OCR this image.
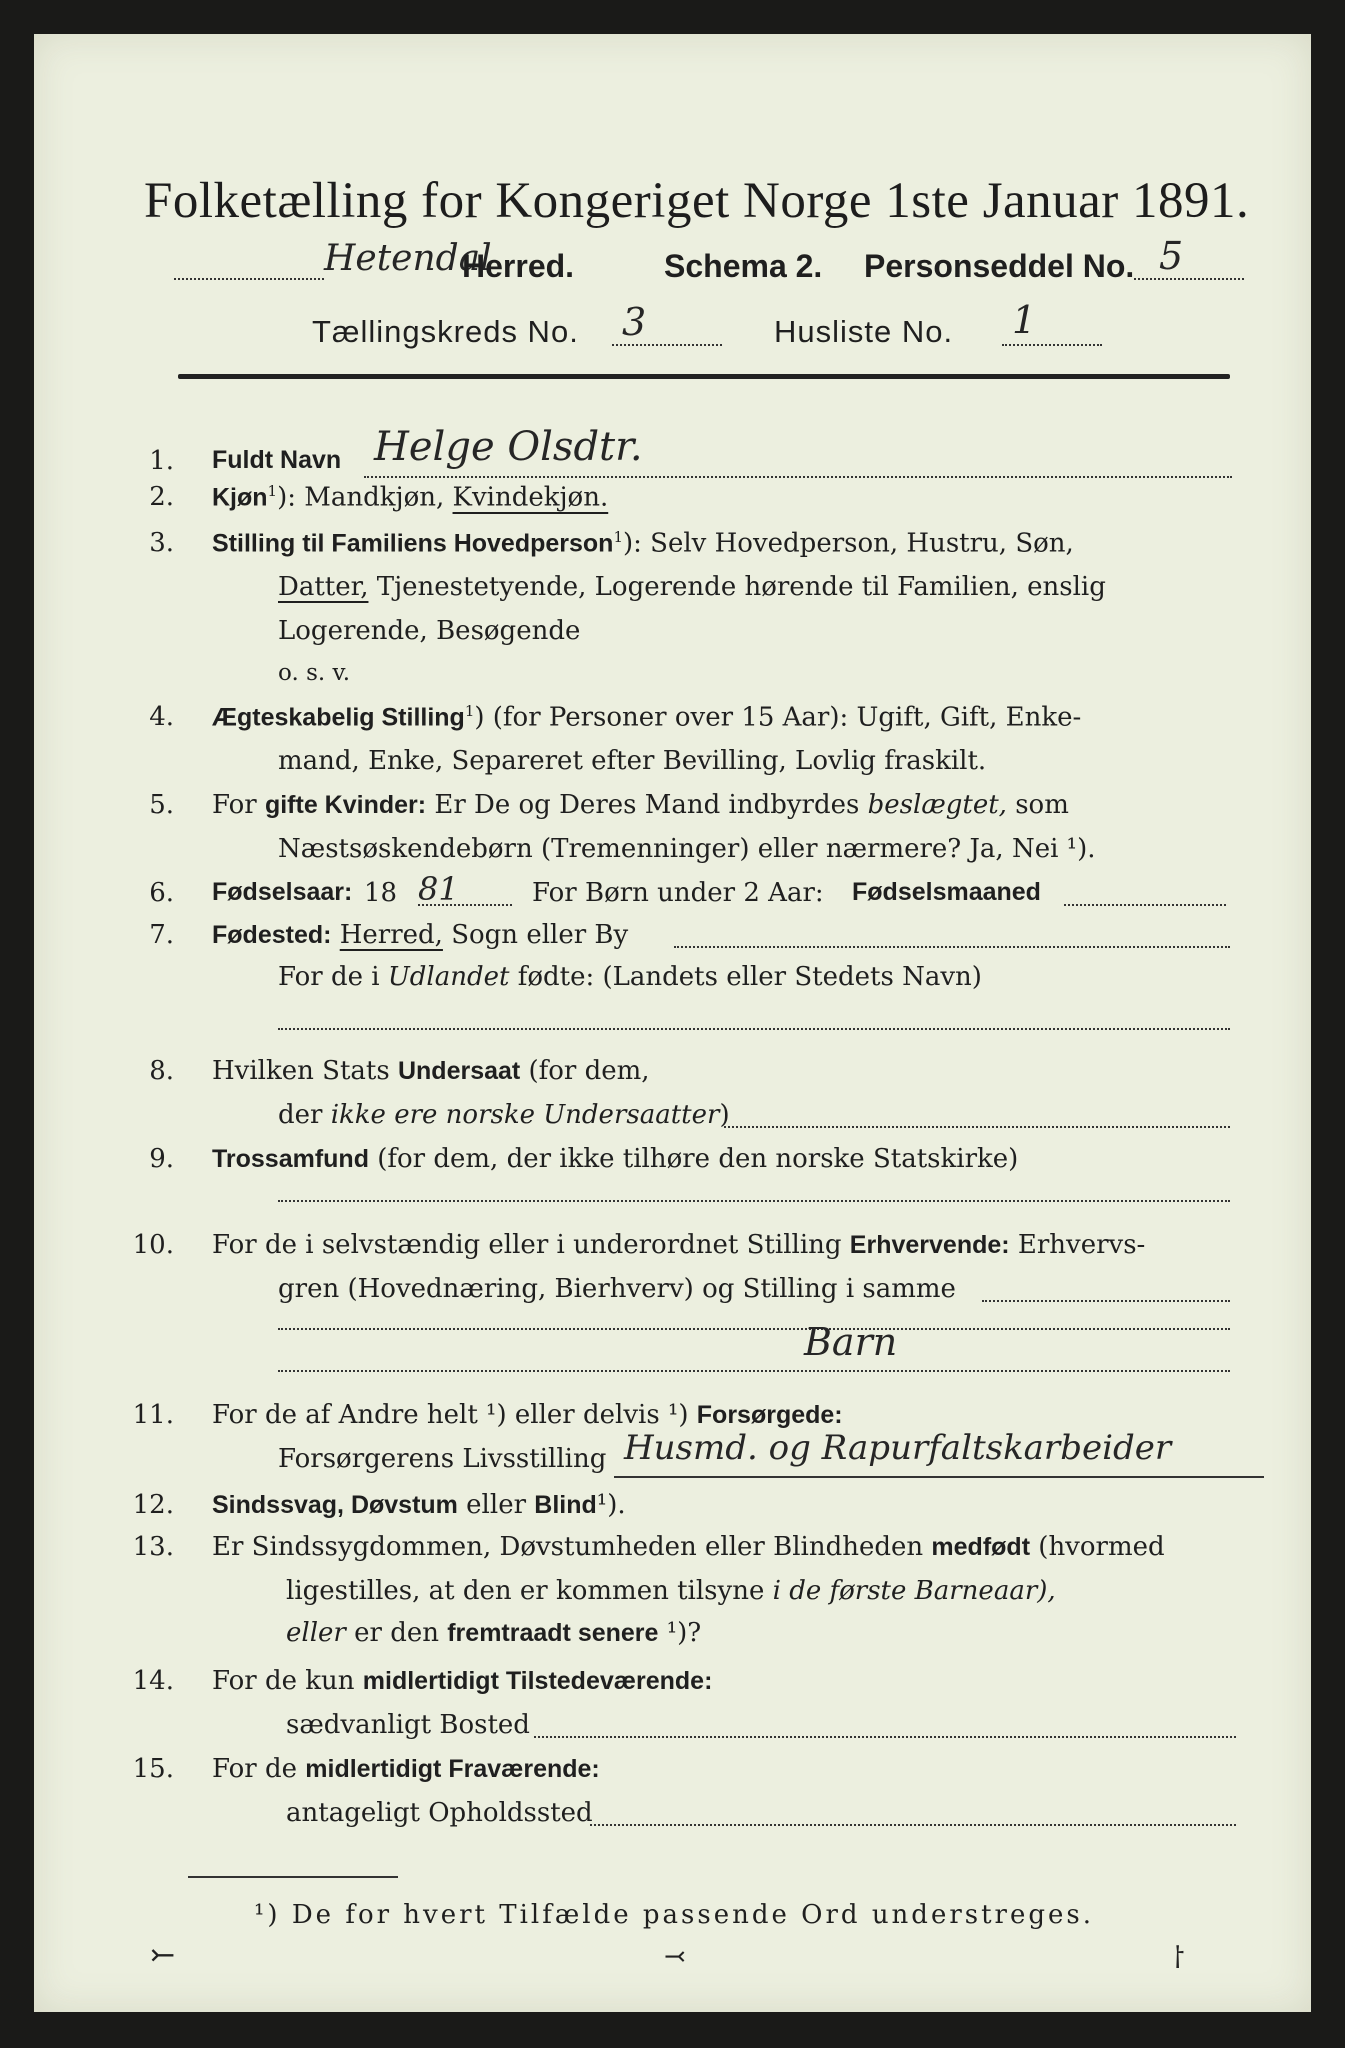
Folketælling for Kongeriget Norge 1ste Januar 1891.
Hetendal
Herred.	Schema 2. Personseddel No. 5
Tællingskreds No. 3	Husliste No. 1
1. Fuldt Navn Helge Olsdtr.
2. Kjøn$^1$): Mandkjøn, Kvindekjøn.
3. Stilling til Familiens Hovedperson$^1$): Selv Hovedperson, Hustru, Søn,
Datter, Tjenestetyende, Logerende hørende til Familien, enslig
Logerende, Besøgende
o. s. v.
4. Ægteskabelig Stilling$^1$) (for Personer over 15 Aar): Ugift, Gift, Enke-
mand, Enke, Separeret efter Bevilling, Lovlig fraskilt.
5. For gifte Kvinder: Er De og Deres Mand indbyrdes beslægtet, som
Næstsøskendebørn (Tremenninger) eller nærmere? Ja, Nei ¹).
6. Fødselsaar: 18 81	For Børn under 2 Aar: Fødselsmaaned
7. Fødested: Herred, Sogn eller By
For de i Udlandet fødte: (Landets eller Stedets Navn)
8. Hvilken Stats Undersaat (for dem,
der ikke ere norske Undersaatter)
9. Trossamfund (for dem, der ikke tilhøre den norske Statskirke)
10. For de i selvstændig eller i underordnet Stilling Erhvervende: Erhvervs-
gren (Hovednæring, Bierhverv) og Stilling i samme
Barn
11. For de af Andre helt ¹) eller delvis ¹) Forsørgede:
Forsørgerens Livsstilling Husmd. og Rapurfaltskarbeider
12. Sindssvag, Døvstum eller Blind¹).
13. Er Sindssygdommen, Døvstumheden eller Blindheden medfødt (hvormed
ligestilles, at den er kommen tilsyne i de første Barneaar),
eller er den fremtraadt senere ¹)?
14. For de kun midlertidigt Tilstedeværende:
sædvanligt Bosted
15. For de midlertidigt Fraværende:
antageligt Opholdssted
¹) De for hvert Tilfælde passende Ord understreges.
⤚	⤙	⸷
